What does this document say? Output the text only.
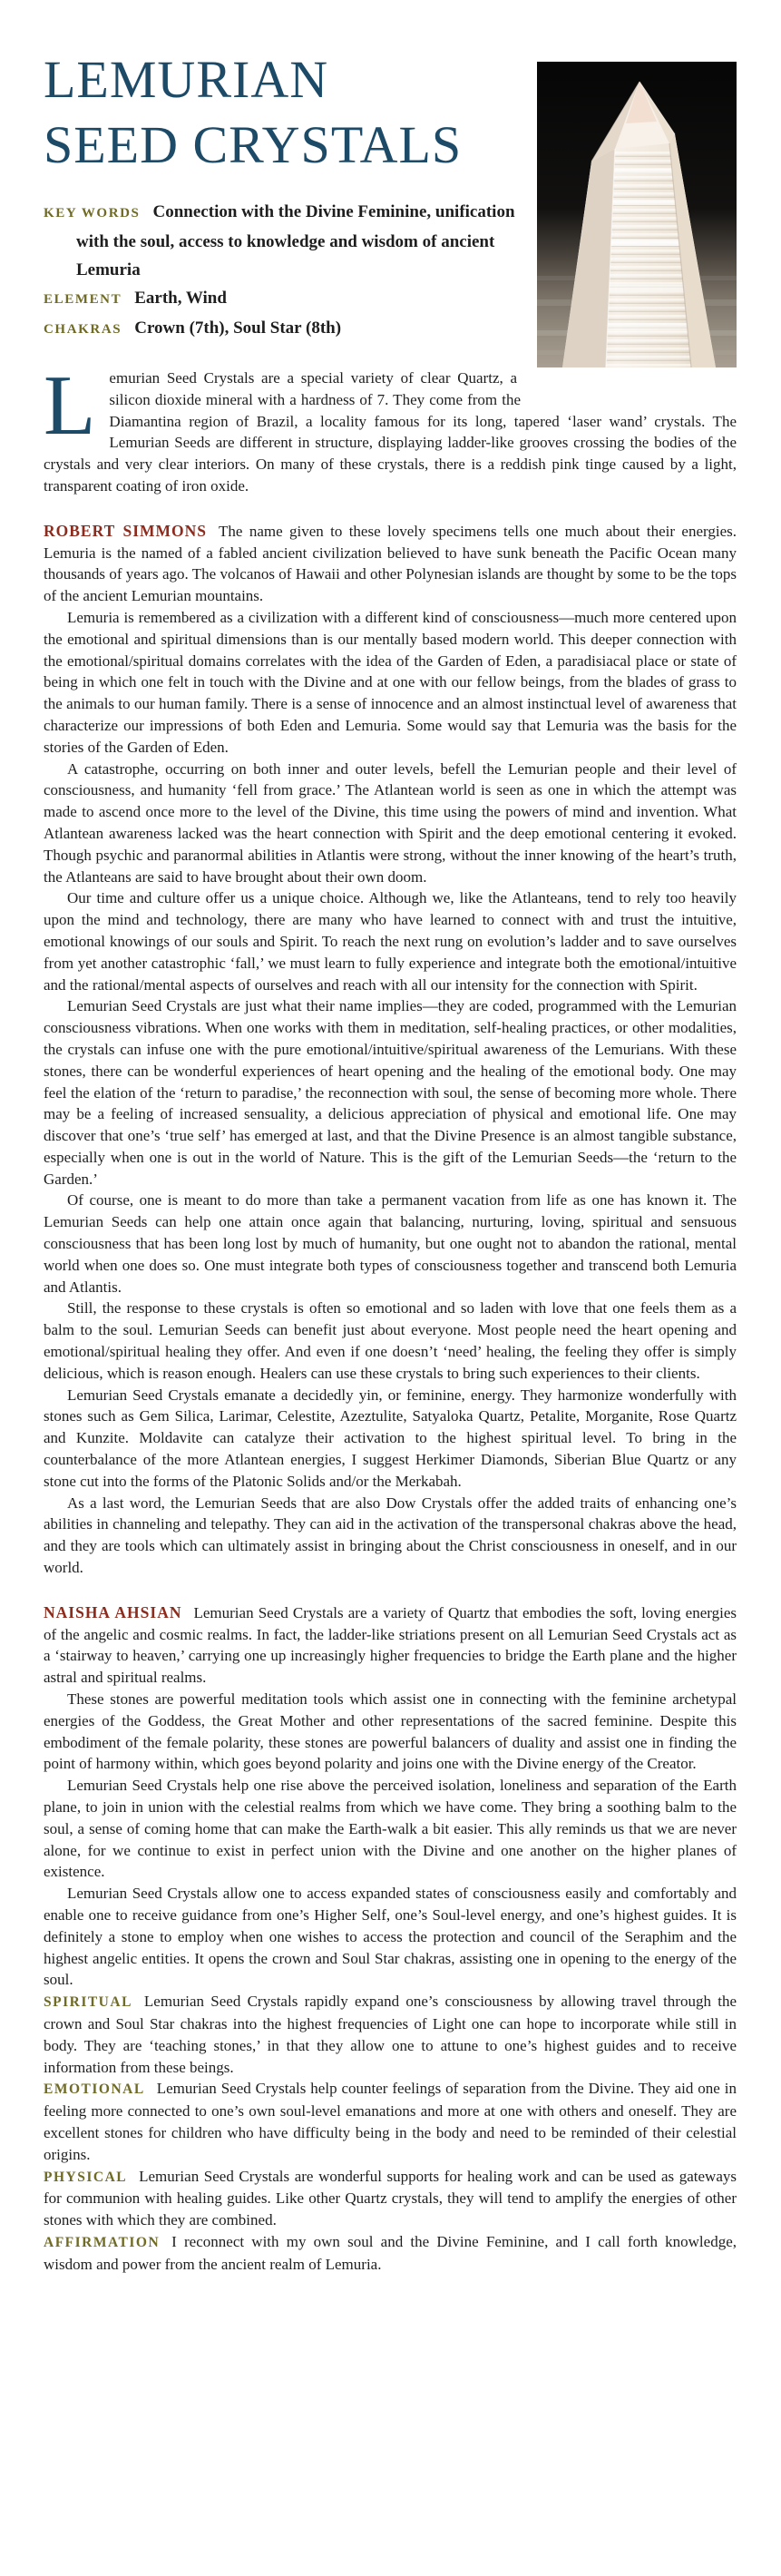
LEMURIAN
SEED CRYSTALS
KEY WORDS Connection with the Divine Feminine, unification with the soul, access to knowledge and wisdom of ancient Lemuria
ELEMENT Earth, Wind
CHAKRAS Crown (7th), Soul Star (8th)

Lemurian Seed Crystals are a special variety of clear Quartz, a silicon dioxide mineral with a hardness of 7. They come from the Diamantina region of Brazil, a locality famous for its long, tapered ‘laser wand’ crystals. The Lemurian Seeds are different in structure, displaying ladder-like grooves crossing the bodies of the crystals and very clear interiors. On many of these crystals, there is a reddish pink tinge caused by a light, transparent coating of iron oxide.

ROBERT SIMMONS The name given to these lovely specimens tells one much about their energies. Lemuria is the named of a fabled ancient civilization believed to have sunk beneath the Pacific Ocean many thousands of years ago. The volcanos of Hawaii and other Polynesian islands are thought by some to be the tops of the ancient Lemurian mountains.

Lemuria is remembered as a civilization with a different kind of consciousness—much more centered upon the emotional and spiritual dimensions than is our mentally based modern world. This deeper connection with the emotional/spiritual domains correlates with the idea of the Garden of Eden, a paradisiacal place or state of being in which one felt in touch with the Divine and at one with our fellow beings, from the blades of grass to the animals to our human family. There is a sense of innocence and an almost instinctual level of awareness that characterize our impressions of both Eden and Lemuria. Some would say that Lemuria was the basis for the stories of the Garden of Eden.

A catastrophe, occurring on both inner and outer levels, befell the Lemurian people and their level of consciousness, and humanity ‘fell from grace.’ The Atlantean world is seen as one in which the attempt was made to ascend once more to the level of the Divine, this time using the powers of mind and invention. What Atlantean awareness lacked was the heart connection with Spirit and the deep emotional centering it evoked. Though psychic and paranormal abilities in Atlantis were strong, without the inner knowing of the heart’s truth, the Atlanteans are said to have brought about their own doom.

Our time and culture offer us a unique choice. Although we, like the Atlanteans, tend to rely too heavily upon the mind and technology, there are many who have learned to connect with and trust the intuitive, emotional knowings of our souls and Spirit. To reach the next rung on evolution’s ladder and to save ourselves from yet another catastrophic ‘fall,’ we must learn to fully experience and integrate both the emotional/intuitive and the rational/mental aspects of ourselves and reach with all our intensity for the connection with Spirit.

Lemurian Seed Crystals are just what their name implies—they are coded, programmed with the Lemurian consciousness vibrations. When one works with them in meditation, self-healing practices, or other modalities, the crystals can infuse one with the pure emotional/intuitive/spiritual awareness of the Lemurians. With these stones, there can be wonderful experiences of heart opening and the healing of the emotional body. One may feel the elation of the ‘return to paradise,’ the reconnection with soul, the sense of becoming more whole. There may be a feeling of increased sensuality, a delicious appreciation of physical and emotional life. One may discover that one’s ‘true self’ has emerged at last, and that the Divine Presence is an almost tangible substance, especially when one is out in the world of Nature. This is the gift of the Lemurian Seeds—the ‘return to the Garden.’

Of course, one is meant to do more than take a permanent vacation from life as one has known it. The Lemurian Seeds can help one attain once again that balancing, nurturing, loving, spiritual and sensuous consciousness that has been long lost by much of humanity, but one ought not to abandon the rational, mental world when one does so. One must integrate both types of consciousness together and transcend both Lemuria and Atlantis.

Still, the response to these crystals is often so emotional and so laden with love that one feels them as a balm to the soul. Lemurian Seeds can benefit just about everyone. Most people need the heart opening and emotional/spiritual healing they offer. And even if one doesn’t ‘need’ healing, the feeling they offer is simply delicious, which is reason enough. Healers can use these crystals to bring such experiences to their clients.

Lemurian Seed Crystals emanate a decidedly yin, or feminine, energy. They harmonize wonderfully with stones such as Gem Silica, Larimar, Celestite, Azeztulite, Satyaloka Quartz, Petalite, Morganite, Rose Quartz and Kunzite. Moldavite can catalyze their activation to the highest spiritual level. To bring in the counterbalance of the more Atlantean energies, I suggest Herkimer Diamonds, Siberian Blue Quartz or any stone cut into the forms of the Platonic Solids and/or the Merkabah.

As a last word, the Lemurian Seeds that are also Dow Crystals offer the added traits of enhancing one’s abilities in channeling and telepathy. They can aid in the activation of the transpersonal chakras above the head, and they are tools which can ultimately assist in bringing about the Christ consciousness in oneself, and in our world.

NAISHA AHSIAN Lemurian Seed Crystals are a variety of Quartz that embodies the soft, loving energies of the angelic and cosmic realms. In fact, the ladder-like striations present on all Lemurian Seed Crystals act as a ‘stairway to heaven,’ carrying one up increasingly higher frequencies to bridge the Earth plane and the higher astral and spiritual realms.

These stones are powerful meditation tools which assist one in connecting with the feminine archetypal energies of the Goddess, the Great Mother and other representations of the sacred feminine. Despite this embodiment of the female polarity, these stones are powerful balancers of duality and assist one in finding the point of harmony within, which goes beyond polarity and joins one with the Divine energy of the Creator.

Lemurian Seed Crystals help one rise above the perceived isolation, loneliness and separation of the Earth plane, to join in union with the celestial realms from which we have come. They bring a soothing balm to the soul, a sense of coming home that can make the Earth-walk a bit easier. This ally reminds us that we are never alone, for we continue to exist in perfect union with the Divine and one another on the higher planes of existence.

Lemurian Seed Crystals allow one to access expanded states of consciousness easily and comfortably and enable one to receive guidance from one’s Higher Self, one’s Soul-level energy, and one’s highest guides. It is definitely a stone to employ when one wishes to access the protection and council of the Seraphim and the highest angelic entities. It opens the crown and Soul Star chakras, assisting one in opening to the energy of the soul.

SPIRITUAL Lemurian Seed Crystals rapidly expand one’s consciousness by allowing travel through the crown and Soul Star chakras into the highest frequencies of Light one can hope to incorporate while still in body. They are ‘teaching stones,’ in that they allow one to attune to one’s highest guides and to receive information from these beings.

EMOTIONAL Lemurian Seed Crystals help counter feelings of separation from the Divine. They aid one in feeling more connected to one’s own soul-level emanations and more at one with others and oneself. They are excellent stones for children who have difficulty being in the body and need to be reminded of their celestial origins.

PHYSICAL Lemurian Seed Crystals are wonderful supports for healing work and can be used as gateways for communion with healing guides. Like other Quartz crystals, they will tend to amplify the energies of other stones with which they are combined.

AFFIRMATION I reconnect with my own soul and the Divine Feminine, and I call forth knowledge, wisdom and power from the ancient realm of Lemuria.
